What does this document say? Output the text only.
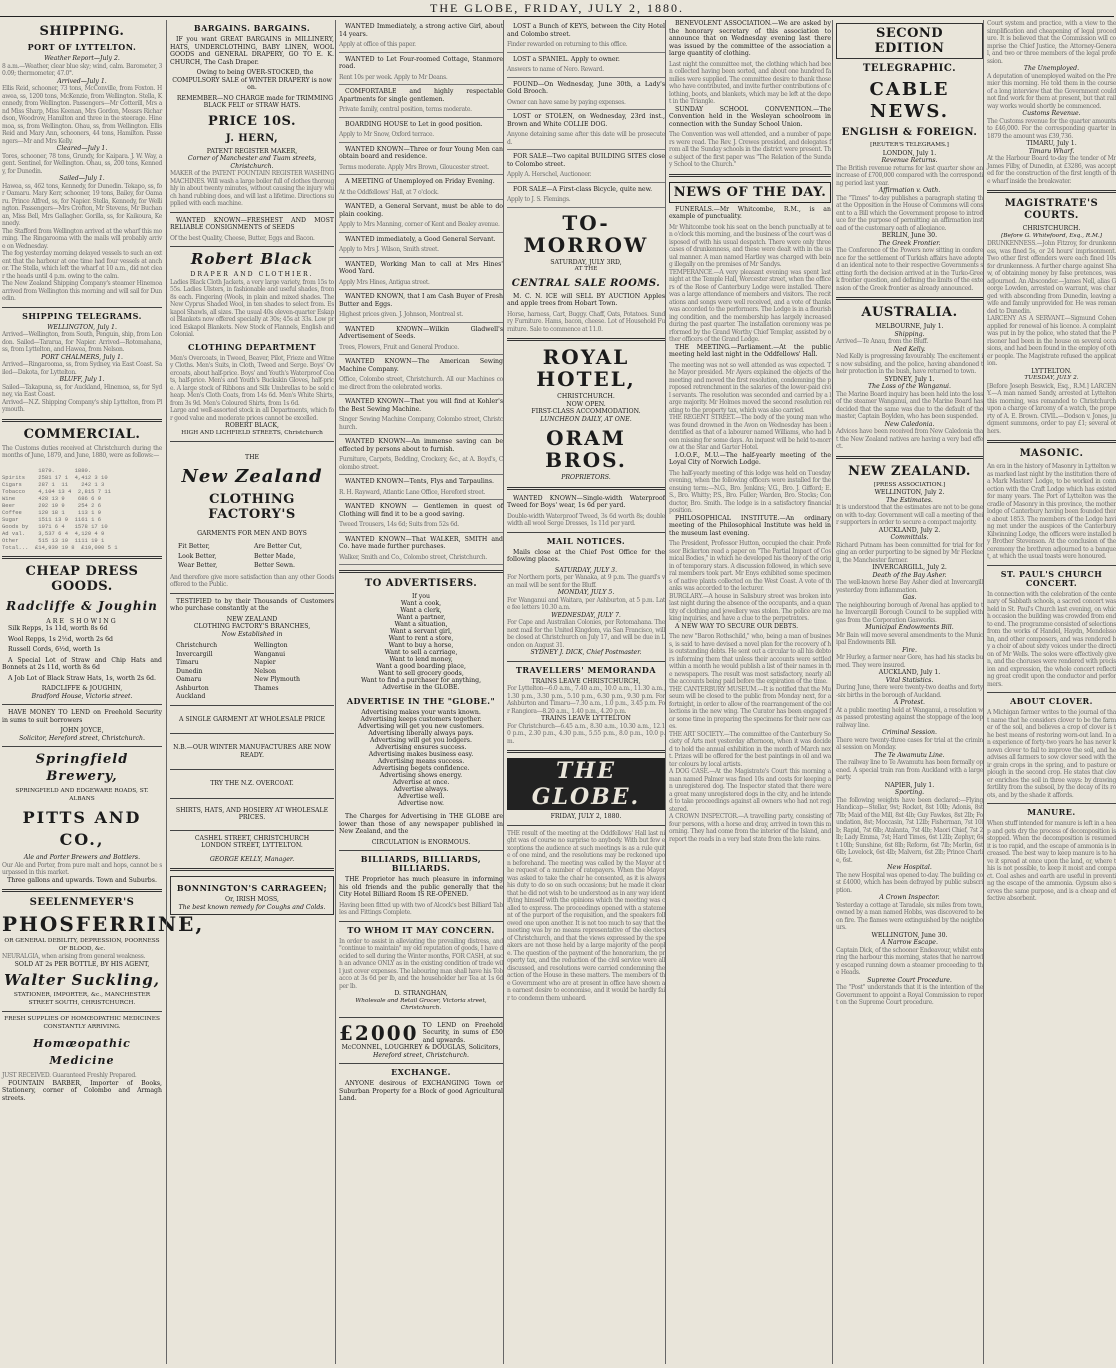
THE GLOBE, FRIDAY, JULY 2, 1880.
SHIPPING.
PORT OF LYTTELTON.
Weather Report—July 2.
8 a.m.—Weather, clear blue sky; wind, calm. Barometer, 30.09; thermometer, 47.0°.
Arrived—July 1.
Ellis Reid, schooner, 73 tons, McConville, from Foxton. Hawea, ss, 1200 tons, McKenzie, from Wellington. Stella, Kennedy, from Wellington. Passengers—Mr Cotterill, Mrs and Miss Sharp, Miss Keenan, Mrs Gordon, Messrs Richardson, Woodrow, Hamilton and three in the steerage. Hinemoa, ss, from Wellington. Ohau, ss, from Wellington. Ellis Reid and Mary Ann, schooners, 44 tons, Hamilton. Passengers—Mr and Mrs Kelly.
Cleared—July 1.
Tores, schooner, 78 tons, Grundy, for Kaipara. J. W. Way, agent. Sentinel, for Wellington. Ohau, ss, 200 tons, Kennedy, for Dunedin.
Sailed—July 1.
Hawea, ss, 462 tons, Kennedy, for Dunedin. Tekapo, ss, for Oamaru. Mary Kerr, schooner, 19 tons, Bailey, for Oamaru. Prince Alfred, ss, for Napier. Stella, Kennedy, for Wellington. Passengers—Mrs Crofton, Mr Stevens, Mr Buchanan, Miss Bell, Mrs Gallagher. Gorilla, ss, for Kaikoura, Kennedy.
The Stafford from Wellington arrived at the wharf this morning. The Ringarooma with the mails will probably arrive on Wednesday.
The fog yesterday morning delayed vessels to such an extent that the harbour at one time had four vessels at anchor. The Stella, which left the wharf at 10 a.m., did not clear the heads until 4 p.m. owing to the calm.
The New Zealand Shipping Company's steamer Hinemoa arrived from Wellington this morning and will sail for Dunedin.
SHIPPING TELEGRAMS.
WELLINGTON, July 1.
Arrived—Wellington, from South, Penguin, ship, from London. Sailed—Tararua, for Napier. Arrived—Rotomahana, ss, from Lyttelton, and Hawea, from Nelson.
PORT CHALMERS, July 1.
Arrived—Ringarooma, ss, from Sydney, via East Coast. Sailed—Dakota, for Lyttelton.
BLUFF, July 1.
Sailed—Takapuna, ss, for Auckland, Hinemoa, ss, for Sydney, via East Coast.
Arrived—N.Z. Shipping Company's ship Lyttelton, from Plymouth.
COMMERCIAL.
The Customs duties received at Christchurch during the months of June, 1879, and June, 1880, were as follows:—

1879.      1880.
Spirits    2581 17 1  4,412 3 10
Cigars     287 1  11    242 1 3
Tobacco    4,104 13 4  2,815 7 11
Wine       428 13 9    686 6 9
Beer       292 19 9    254 2 6
Coffee     120 18 1    113 1 9
Sugar      1511 13 9  1161 1 6
Goods by   1071 6 4   1578 17 10
Ad val.    3,537 6 4  4,120 4 9
Other      515 13 10  1111 19 1
Total...  £14,939 19 8  £19,000 5 1
CHEAP DRESS GOODS.
Radcliffe & Joughin
ARE SHOWING

Silk Repps, 1s 11d, worth 8s 6d

Wool Repps, 1s 2½d, worth 2s 6d

Russell Cords, 6½d, worth 1s

A Special Lot of Straw and Chip Hats and Bonnets at 2s 11d, worth 8s 6d

A Job Lot of Black Straw Hats, 1s, worth 2s 6d.

RADCLIFFE & JOUGHIN,
Bradford House, Victoria street.

HAVE MONEY TO LEND on Freehold Security in sums to suit borrowers

JOHN JOYCE,
Solicitor, Hereford street, Christchurch.
Springfield Brewery,
SPRINGFIELD AND EDGEWARE ROADS, ST. ALBANS
PITTS AND CO.,
Ale and Porter Brewers and Bottlers.
Our Ale and Porter, from pure malt and hops, cannot be surpassed in this market.
Three gallons and upwards. Town and Suburbs.
SEELENMEYER'S
PHOSFERRINE,
OR GENERAL DEBILITY, DEPRESSION, POORNESS OF BLOOD, &c.
NEURALGIA, when arising from general weakness.
SOLD AT 2s PER BOTTLE, BY HIS AGENT,
Walter Suckling,
STATIONER, IMPORTER, &c., MANCHESTER STREET SOUTH, CHRISTCHURCH.
FRESH SUPPLIES OF HOMŒOPATHIC MEDICINES CONSTANTLY ARRIVING.
Homœopathic Medicine
JUST RECEIVED. Guaranteed Freshly Prepared.

FOUNTAIN BARBER, Importer of Books, Stationery, corner of Colombo and Armagh streets.

BARGAINS. BARGAINS.

IF you want GREAT BARGAINS in MILLINERY, HATS, UNDERCLOTHING, BABY LINEN, WOOL GOODS and GENERAL DRAPERY, GO TO E. K. CHURCH, The Cash Draper.

Owing to being OVER-STOCKED, the COMPULSORY SALE of WINTER DRAPERY is now on.

REMEMBER—NO CHARGE made for TRIMMING BLACK FELT or STRAW HATS.

PRICE 10S.
J. HERN,
PATENT REGISTER MAKER,
Corner of Manchester and Tuam streets, Christchurch.
MAKER of the PATENT FOUNTAIN REGISTER WASHING MACHINES. Will wash a large boiler full of clothes thoroughly in about twenty minutes, without causing the injury which hand rubbing does, and will last a lifetime. Directions supplied with each machine.

WANTED KNOWN—FRESHEST AND MOST RELIABLE CONSIGNMENTS of SEEDS

Of the best Quality, Cheese, Butter, Eggs and Bacon.
Robert Black
DRAPER AND CLOTHIER.
Ladies Black Cloth Jackets, a very large variety, from 15s to 55s. Ladies Ulsters, in fashionable and useful shades, from 8s each. Fingering (Wools, in plain and mixed shades. The New Cyprus Shaded Wool, in ten shades to select from. Eskapol Shawls, all sizes. The usual 40s eleven-quarter Eskapol Blankets now offered specially at 30s; 45s at 33s. Low priced Eskapol Blankets. New Stock of Flannels, English and Colonial.
CLOTHING DEPARTMENT
Men's Overcoats, in Tweed, Beaver, Pilot, Frieze and Witney Cloths. Men's Suits, in Cloth, Tweed and Serge. Boys' Overcoats, about half-price. Boys' and Youth's Waterproof Coats, half-price. Men's and Youth's Buckskin Gloves, half-price. A large stock of Ribbons and Silk Umbrellas to be sold cheap. Men's Cloth Coats, from 14s 6d. Men's White Shirts, from 3s 9d. Men's Coloured Shirts, from 1s 6d.
Large and well-assorted stock in all Departments, which for good value and moderate prices cannot be excelled.
ROBERT BLACK,
HIGH AND LICHFIELD STREETS, Christchurch
THE
New Zealand
CLOTHING FACTORY'S
GARMENTS FOR MEN AND BOYS
Fit Better,	Are Better Cut,
Look Better,	Better Made,
Wear Better,	Better Sewn.
And therefore give more satisfaction than any other Goods offered to the Public.

TESTIFIED to by their Thousands of Customers who purchase constantly at the

NEW ZEALAND
CLOTHING FACTORY'S BRANCHES,
Now Established in
Christchurch	Wellington
Invercargill	Wanganui
Timaru	Napier
Dunedin	Nelson
Oamaru	New Plymouth
Ashburton	Thames
Auckland
A SINGLE GARMENT AT WHOLESALE PRICE
N.B.—OUR WINTER MANUFACTURES ARE NOW READY.
TRY THE N.Z. OVERCOAT.
SHIRTS, HATS, AND HOSIERY AT WHOLESALE PRICES.
CASHEL STREET, CHRISTCHURCH
LONDON STREET, LYTTELTON.
GEORGE KELLY, Manager.
BONNINGTON'S CARRAGEEN;
Or, IRISH MOSS,
The best known remedy for Coughs and Colds.

WANTED Immediately, a strong active Girl, about 14 years.

Apply at office of this paper.

WANTED to Let Four-roomed Cottage, Stanmore road.

Rent 10s per week. Apply to Mr Deans.

COMFORTABLE and highly respectable Apartments for single gentlemen.

Private family, central position, terms moderate.

BOARDING HOUSE to Let in good position.

Apply to Mr Snow, Oxford terrace.

WANTED KNOWN—Three or four Young Men can obtain board and residence.

Terms moderate. Apply Mrs Brown, Gloucester street.

A MEETING of Unemployed on Friday Evening.

At the Oddfellows' Hall, at 7 o'clock.

WANTED, a General Servant, must be able to do plain cooking.

Apply to Mrs Manning, corner of Kent and Bealey avenue.

WANTED immediately, a Good General Servant.

Apply to Mrs J. Wilson, Smith street.

WANTED, Working Man to call at Mrs Hines' Wood Yard.

Apply Mrs Hines, Antigua street.

WANTED KNOWN, that I am Cash Buyer of Fresh Butter and Eggs.

Highest prices given. J. Johnson, Montreal st.

WANTED KNOWN—Wilkin Gladwell's Advertisement of Seeds.

Trees, Flowers, Fruit and General Produce.

WANTED KNOWN—The American Sewing Machine Company.

Office, Colombo street, Christchurch. All our Machines come direct from the celebrated works.

WANTED KNOWN—That you will find at Kohler's the Best Sewing Machine.

Singer Sewing Machine Company, Colombo street, Christchurch.

WANTED KNOWN—An immense saving can be effected by persons about to furnish.

Furniture, Carpets, Bedding, Crockery, &c., at A. Boyd's, Colombo street.

WANTED KNOWN—Tents, Flys and Tarpaulins.

R. H. Rayward, Atlantic Lane Office, Hereford street.

WANTED KNOWN — Gentlemen in quest of Clothing will find it to be a good saving.

Tweed Trousers, 14s 6d; Suits from 52s 6d.

WANTED KNOWN—That WALKER, SMITH and Co. have made further purchases.

Walker, Smith and Co., Colombo street, Christchurch.
TO ADVERTISERS.
If you
Want a cook,
Want a clerk,
Want a partner,
Want a situation,
Want a servant girl,
Want to rent a store,
Want to buy a horse,
Want to sell a carriage,
Want to lend money,
Want a good boarding place,
Want to sell grocery goods,
Want to find a purchaser for anything,
Advertise in the GLOBE.
ADVERTISE IN THE "GLOBE."
Advertising makes your wants known.
Advertising keeps customers together.
Advertising will get you new customers.
Advertising liberally always pays.
Advertising will get you lodgers.
Advertising ensures success.
Advertising makes business easy.
Advertising means success.
Advertising begets confidence.
Advertising shows energy.
Advertise at once.
Advertise always.
Advertise well.
Advertise now.

The Charges for Advertising in THE GLOBE are lower than those of any newspaper published in New Zealand, and the

CIRCULATION is ENORMOUS.
BILLIARDS, BILLIARDS, BILLIARDS.

THE Proprietor has much pleasure in informing his old friends and the public generally that the City Hotel Billiard Room IS RE-OPENED.

Having been fitted up with two of Alcock's best Billiard Tables and Fittings Complete.
TO WHOM IT MAY CONCERN.
In order to assist in alleviating the prevailing distress, and "continue to maintain" my old reputation of goods, I have decided to sell during the Winter months, FOR CASH, at such an advance ONLY as in the existing condition of trade will just cover expenses. The labouring man shall have his Tobacco at 3s 6d per lb, and the householder her Tea at 1s 6d per lb.
D. STRANGHAN,
Wholesale and Retail Grocer, Victoria street, Christchurch.
£2000 TO LEND on Freehold Security, in sums of £50 and upwards.
McCONNEL, LOUGHREY & DOUGLAS, Solicitors,
Hereford street, Christchurch.
EXCHANGE.

ANYONE desirous of EXCHANGING Town or Suburban Property for a Block of good Agricultural Land.

LOST a Bunch of KEYS, between the City Hotel and Colombo street.

Finder rewarded on returning to this office.

LOST a SPANIEL. Apply to owner.

Answers to name of Nero. Reward.

FOUND—On Wednesday, June 30th, a Lady's Gold Brooch.

Owner can have same by paying expenses.

LOST or STOLEN, on Wednesday, 23rd inst., Brown and White COLLIE DOG.

Anyone detaining same after this date will be prosecuted.

FOR SALE—Two capital BUILDING SITES close to Colombo street.

Apply A. Herschel, Auctioneer.

FOR SALE—A First-class Bicycle, quite new.

Apply to J. S. Flemings.
TO-MORROW
SATURDAY, JULY 3RD,
AT THE
CENTRAL SALE ROOMS.

M. C. N. ICE will SELL BY AUCTION Apples and apple trees from Hobart Town.

Horse, harness, Cart, Buggy. Chaff, Oats, Potatoes. Sundry Furniture. Hams, bacon, cheese. Lot of Household Furniture. Sale to commence at 11.0.
ROYAL HOTEL,
CHRISTCHURCH.
NOW OPEN.
FIRST-CLASS ACCOMMODATION.
LUNCHEON DAILY, AT ONE.
ORAM BROS.
PROPRIETORS.

WANTED KNOWN—Single-width Waterproof Tweed for Boys' wear, 1s 6d per yard.

Double-width Waterproof Tweed, 3s 6d worth 8s; double width all wool Serge Dresses, 1s 11d per yard.
MAIL NOTICES.

Mails close at the Chief Post Office for the following places.

SATURDAY, JULY 3.
For Northern ports, per Wanaka, at 9 p.m. The guard's van mail will be sent for the Bluff.
MONDAY, JULY 5.
For Wanganui and Waitara, per Ashburton, at 5 p.m. Late fee letters 10.30 a.m.
WEDNESDAY, JULY 7.
For Cape and Australian Colonies, per Rotomahana. The next mail for the United Kingdom, via San Francisco, will be closed at Christchurch on July 17, and will be due in London on August 31.
SYDNEY J. DICK, Chief Postmaster.
TRAVELLERS' MEMORANDA
TRAINS LEAVE CHRISTCHURCH,
For Lyttelton—6.0 a.m., 7.40 a.m., 10.0 a.m., 11.30 a.m., 1.30 p.m., 3.30 p.m., 5.10 p.m., 6.30 p.m., 9.30 p.m. For Ashburton and Timaru—7.30 a.m., 1.0 p.m., 3.45 p.m. For Rangiora—8.20 a.m., 1.40 p.m., 4.20 p.m.
TRAINS LEAVE LYTTELTON
For Christchurch—6.45 a.m., 8.30 a.m., 10.30 a.m., 12.10 p.m., 2.30 p.m., 4.30 p.m., 5.55 p.m., 8.0 p.m., 10.0 p.m.
THE GLOBE.
FRIDAY, JULY 2, 1880.
THE result of the meeting at the Oddfellows' Hall last night was of course no surprise to anybody. With but few exceptions the audience at such meetings is as a rule quite of one mind, and the resolutions may be reckoned upon beforehand. The meeting was called by the Mayor at the request of a number of ratepayers. When the Mayor was asked to take the chair he consented, as it is always his duty to do so on such occasions; but he made it clear that he did not wish to be understood as in any way identifying himself with the opinions which the meeting was called to express. The proceedings opened with a statement of the purport of the requisition, and the speakers followed one upon another. It is not too much to say that the meeting was by no means representative of the electors of Christchurch, and that the views expressed by the speakers are not those held by a large majority of the people. The question of the payment of the honorarium, the property tax, and the reduction of the civil service were all discussed, and resolutions were carried condemning the action of the House in these matters. The members of the Government who are at present in office have shown an earnest desire to economise, and it would be hardly fair to condemn them unheard.

BENEVOLENT ASSOCIATION.—We are asked by the honorary secretary of this association to announce that on Wednesday evening last there was issued by the committee of the association a large quantity of clothing.

Last night the committee met, the clothing which had been collected having been sorted, and about one hundred families were supplied. The committee desire to thank those who have contributed, and invite further contributions of clothing, boots, and blankets, which may be left at the depot in the Triangle.

SUNDAY SCHOOL CONVENTION.—The Convention held in the Wesleyan schoolroom in connection with the Sunday School Union.

The Convention was well attended, and a number of papers were read. The Rev. J. Crewes presided, and delegates from all the Sunday schools in the district were present. The subject of the first paper was "The Relation of the Sunday School to the Church."
NEWS OF THE DAY.

FUNERALS.—Mr Whitcombe, R.M., is an example of punctuality.

Mr Whitcombe took his seat on the bench punctually at ten o'clock this morning, and the business of the court was disposed of with his usual despatch. There were only three cases of drunkenness, and these were dealt with in the usual manner. A man named Hartley was charged with being illegally on the premises of Mr Sandys.
TEMPERANCE.—A very pleasant evening was spent last night at the Temple Hall, Worcester street, when the officers of the Rose of Canterbury Lodge were installed. There was a large attendance of members and visitors. The recitations and songs were well received, and a vote of thanks was accorded to the performers. The Lodge is in a flourishing condition, and the membership has largely increased during the past quarter. The installation ceremony was performed by the Grand Worthy Chief Templar, assisted by other officers of the Grand Lodge.

THE MEETING.—Parliament.—At the public meeting held last night in the Oddfellows' Hall.

The meeting was not so well attended as was expected. The Mayor presided. Mr Ayers explained the objects of the meeting and moved the first resolution, condemning the proposed retrenchment in the salaries of the lower-paid civil servants. The resolution was seconded and carried by a large majority. Mr Holmes moved the second resolution relating to the property tax, which was also carried.
THE REGENT STREET.—The body of the young man who was found drowned in the Avon on Wednesday has been identified as that of a labourer named Williams, who had been missing for some days. An inquest will be held to-morrow at the Star and Garter Hotel.

I.O.O.F., M.U.—The half-yearly meeting of the Loyal City of Norwich Lodge.

The half-yearly meeting of this lodge was held on Tuesday evening, when the following officers were installed for the ensuing term:—N.G., Bro. Jenkins; V.G., Bro. J. Gifford; E.S., Bro. Whitty; P.S., Bro. Fuller; Warden, Bro. Stocks; Conductor, Bro. Smith. The lodge is in a satisfactory financial position.

PHILOSOPHICAL INSTITUTE.—An ordinary meeting of the Philosophical Institute was held in the museum last evening.

The President, Professor Hutton, occupied the chair. Professor Bickerton read a paper on "The Partial Impact of Cosmical Bodies," in which he developed his theory of the origin of temporary stars. A discussion followed, in which several members took part. Mr Enys exhibited some specimens of native plants collected on the West Coast. A vote of thanks was accorded to the lecturer.
BURGLARY.—A house in Salisbury street was broken into last night during the absence of the occupants, and a quantity of clothing and jewellery was stolen. The police are making inquiries, and have a clue to the perpetrators.

A NEW WAY TO SECURE OUR DEBTS.

The new "Baron Rothschild," who, being a man of business, is said to have devised a novel plan for the recovery of his outstanding debts. He sent out a circular to all his debtors informing them that unless their accounts were settled within a month he would publish a list of their names in the newspapers. The result was most satisfactory, nearly all the accounts being paid before the expiration of the time.
THE CANTERBURY MUSEUM.—It is notified that the Museum will be closed to the public from Monday next, for a fortnight, in order to allow of the rearrangement of the collections in the new wing. The Curator has been engaged for some time in preparing the specimens for their new cases.
THE ART SOCIETY.—The committee of the Canterbury Society of Arts met yesterday afternoon, when it was decided to hold the annual exhibition in the month of March next. Prizes will be offered for the best paintings in oil and water colours by local artists.
A DOG CASE.—At the Magistrate's Court this morning a man named Palmer was fined 10s and costs for keeping an unregistered dog. The Inspector stated that there were a great many unregistered dogs in the city, and he intended to take proceedings against all owners who had not registered.
A CROWN INSPECTOR.—A travelling party, consisting of four persons, with a horse and dray, arrived in town this morning. They had come from the interior of the Island, and report the roads in a very bad state from the late rains.
SECOND EDITION
TELEGRAPHIC.
CABLE NEWS.
ENGLISH & FOREIGN.
[REUTER'S TELEGRAMS.]
LONDON, July 1.
Revenue Returns.
The British revenue returns for last quarter show an increase of £700,000 compared with the corresponding period last year.
Affirmation v. Oath.
The "Times" to-day publishes a paragraph stating that the Opposition in the House of Commons will consent to a Bill which the Government propose to introduce for the purpose of permitting an affirmation instead of the customary oath of allegiance.
BERLIN, June 30.
The Greek Frontier.
The Conference of the Powers now sitting in conference for the settlement of Turkish affairs have adopted an identical note to their respective Governments setting forth the decision arrived at in the Turko-Greek frontier question, and defining the limits of the extension of the Greek frontier as already announced.
AUSTRALIA.
MELBOURNE, July 1.
Shipping.
Arrived—Te Anau, from the Bluff.
Ned Kelly.
Ned Kelly is progressing favourably. The excitement is now subsiding, and the police, having abandoned their protection in the bush, have returned to town.
SYDNEY, July 1.
The Loss of the Wanganui.
The Marine Board inquiry has been held into the loss of the steamer Wanganui, and the Marine Board has decided that the same was due to the default of the master, Captain Boylden, who has been suspended.
New Caledonia.
Advices have been received from New Caledonia that the New Zealand natives are having a very bad effect.
NEW ZEALAND.
[PRESS ASSOCIATION.]
WELLINGTON, July 2.
The Estimates.
It is understood that the estimates are not to be gone on with to-day. Government will call a meeting of their supporters in order to secure a compact majority.
AUCKLAND, July 2.
Committals.
Richard Putnam has been committed for trial for forging an order purporting to be signed by Mr Flecknell, the Manchester farmer.
INVERCARGILL, July 2.
Death of the Bay Asher.
The well-known horse Bay Asher died at Invercargill yesterday from inflammation.
Gas.
The neighbouring borough of Avenal has applied to the Invercargill Borough Council to be supplied with gas from the Corporation Gasworks.
Municipal Endowments Bill.
Mr Bain will move several amendments to the Municipal Endowments Bill.
Fire.
Mr Hurley, a farmer near Gore, has had his stacks burned. They were insured.
AUCKLAND, July 1.
Vital Statistics.
During June, there were twenty-two deaths and forty-six births in the borough of Auckland.
A Protest.
At a public meeting held at Wanganui, a resolution was passed protesting against the stoppage of the loop railway line.
Criminal Session.
There were twenty-three cases for trial at the criminal session on Monday.
The Te Awamutu Line.
The railway line to Te Awamutu has been formally opened. A special train ran from Auckland with a large party.
NAPIER, July 1.
Sporting.
The following weights have been declared:—Flying Handicap—Stellar, 9st; Rocket, 8st 10lb; Adonis, 8st 7lb; Maid of the Mill, 8st 4lb; Guy Fawkes, 8st 2lb; Foundation, 8st; Moccasin, 7st 12lb; Fisherman, 7st 10lb; Rapid, 7st 6lb; Atalanta, 7st 4lb; Maori Chief, 7st 2lb; Lady Emma, 7st; Hard Times, 6st 12lb; Zephyr, 6st 10lb; Sunshine, 6st 8lb; Reform, 6st 7lb; Merlin, 6st 6lb; Lovelock, 6st 4lb; Malvern, 6st 2lb; Prince Charlie, 6st.
New Hospital.
The new Hospital was opened to-day. The building cost £4000, which has been defrayed by public subscription.
A Crown Inspector.
Yesterday a cottage at Taradale, six miles from town, owned by a man named Hobbs, was discovered to be on fire. The flames were extinguished by the neighbours.
WELLINGTON, June 30.
A Narrow Escape.
Captain Dick, of the schooner Endeavour, whilst entering the harbour this morning, states that he narrowly escaped running down a steamer proceeding to the Heads.
Supreme Court Procedure.
The "Post" understands that it is the intention of the Government to appoint a Royal Commission to report on the Supreme Court procedure.
Court system and practice, with a view to the simplification and cheapening of legal procedure. It is believed that the Commission will comprise the Chief Justice, the Attorney-General, and two or three members of the legal profession.
The Unemployed.
A deputation of unemployed waited on the Premier this morning. He told them in the course of a long interview that the Government could not find work for them at present, but that railway works would shortly be commenced.
Customs Revenue.
The Customs revenue for the quarter amounts to £46,000. For the corresponding quarter in 1879 the amount was £39,736.
TIMARU, July 1.
Timaru Wharf.
At the Harbour Board to-day the tender of Mr James Filby, of Dunedin, at £3286, was accepted for the construction of the first length of the wharf inside the breakwater.
MAGISTRATE'S COURTS.
CHRISTCHURCH.
[Before G. Whitefoord, Esq., R.M.]
DRUNKENNESS.—John Fitzroy, for drunkenness, was fined 5s, or 24 hours' imprisonment. Two other first offenders were each fined 10s for drunkenness. A further charge against Shaw, of obtaining money by false pretences, was adjourned. An Absconder.—James Nell, alias George Lowden, arrested on warrant, was charged with absconding from Dunedin, leaving a wife and family unprovided for. He was remanded to Dunedin.
LARCENY AS A SERVANT.—Sigmund Cohen applied for renewal of his licence. A complaint was put in by the police, who stated that the Prisoner had been in the house on several occasions, and had been found in the employ of other people. The Magistrate refused the application.
LYTTELTON.
TUESDAY, JULY 2.
[Before Joseph Beswick, Esq., R.M.] LARCENY.—A man named Sandy, arrested at Lyttelton this morning, was remanded to Christchurch upon a charge of larceny of a watch, the property of A. E. Brown. CIVIL.—Dodson v. Jones, judgment summons, order to pay £1; several others.
MASONIC.
An era in the history of Masonry in Lyttelton was marked last night by the institution there of a Mark Masters' Lodge, to be worked in connection with the Craft Lodge which has existed for many years. The Port of Lyttelton was the cradle of Masonry in this province, the mother lodge of Canterbury having been founded there about 1853. The members of the Lodge having met under the auspices of the Canterbury Kilwinning Lodge, the officers were installed by Brother Stevenson. At the conclusion of the ceremony the brethren adjourned to a banquet, at which the usual toasts were honoured.
ST. PAUL'S CHURCH CONCERT.
In connection with the celebration of the centenary of Sabbath schools, a sacred concert was held in St. Paul's Church last evening, on which occasion the building was crowded from end to end. The programme consisted of selections from the works of Handel, Haydn, Mendelssohn, and other composers, and was rendered by a choir of about sixty voices under the direction of Mr Wells. The solos were effectively given, and the choruses were rendered with precision and expression, the whole concert reflecting great credit upon the conductor and performers.
ABOUT CLOVER.
A Michigan farmer writes to the journal of that name that he considers clover to be the farmer of the soil, and believes a crop of clover is the best means of restoring worn-out land. In an experience of forty-two years he has never known clover to fail to improve the soil, and he advises all farmers to sow clover seed with their grain crops in the spring, and to pasture or plough in the second crop. He states that clover enriches the soil in three ways: by drawing fertility from the subsoil, by the decay of its roots, and by the shade it affords.
MANURE.
When stuff intended for manure is left in a heap and gets dry the process of decomposition is stopped. When the decomposition is resumed it is too rapid, and the escape of ammonia is increased. The best way to keep manure is to have it spread at once upon the land, or, where this is not possible, to keep it moist and compact. Coal ashes and earth are useful in preventing the escape of the ammonia. Gypsum also serves the same purpose, and is a cheap and effective absorbent.
